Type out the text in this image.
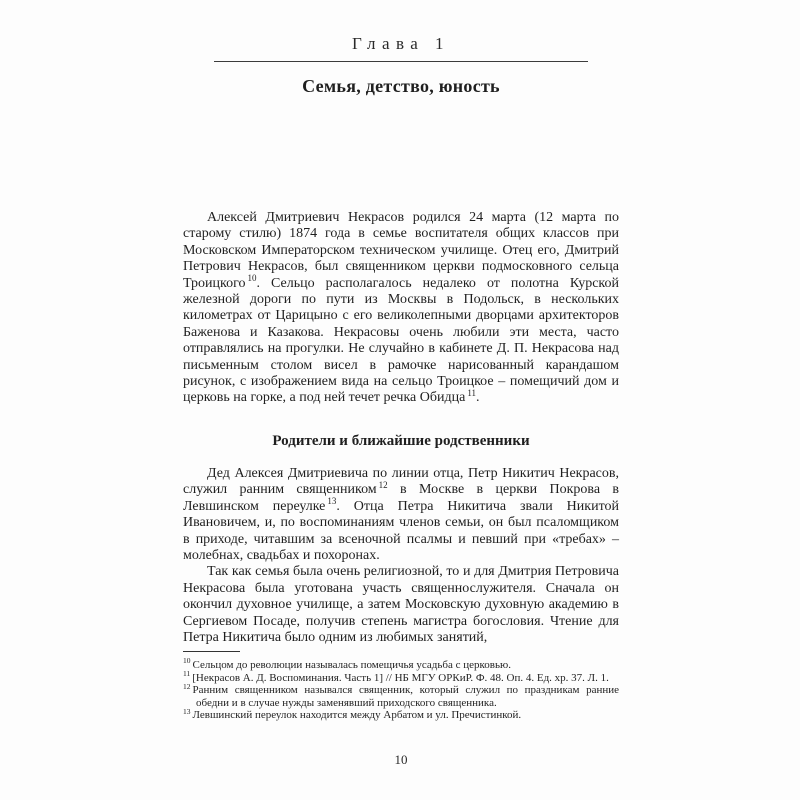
Глава 1
Семья, детство, юность

Алексей Дмитриевич Некрасов родился 24 марта (12 марта по старому стилю) 1874 года в семье воспитателя общих классов при Московском Императорском техническом училище. Отец его, Дмитрий Петрович Некрасов, был священником церкви подмосковного сельца Троицкого $^{10}$. Сельцо располагалось недалеко от полотна Курской железной дороги по пути из Москвы в Подольск, в нескольких километрах от Царицыно с его великолепными дворцами архитекторов Баженова и Казакова. Некрасовы очень любили эти места, часто отправлялись на прогулки. Не случайно в кабинете Д. П. Некрасова над письменным столом висел в рамочке нарисованный карандашом рисунок, с изображением вида на сельцо Троицкое – помещичий дом и церковь на горке, а под ней течет речка Обидца $^{11}$.

Родители и ближайшие родственники

Дед Алексея Дмитриевича по линии отца, Петр Никитич Некрасов, служил ранним священником $^{12}$ в Москве в церкви Покрова в Левшинском переулке $^{13}$. Отца Петра Никитича звали Никитой Ивановичем, и, по воспоминаниям членов семьи, он был псаломщиком в приходе, читавшим за всеночной псалмы и певший при «требах» – молебнах, свадьбах и похоронах.

Так как семья была очень религиозной, то и для Дмитрия Петровича Некрасова была уготована участь священнослужителя. Сначала он окончил духовное училище, а затем Московскую духовную академию в Сергиевом Посаде, получив степень магистра богословия. Чтение для Петра Никитича было одним из любимых занятий,

$^{10}$ Сельцом до революции называлась помещичья усадьба с церковью.
$^{11}$ [Некрасов А. Д. Воспоминания. Часть 1] // НБ МГУ ОРКиР. Ф. 48. Оп. 4. Ед. хр. 37. Л. 1.
$^{12}$ Ранним священником назывался священник, который служил по праздникам ранние обедни и в случае нужды заменявший приходского священника.
$^{13}$ Левшинский переулок находится между Арбатом и ул. Пречистинкой.
10
